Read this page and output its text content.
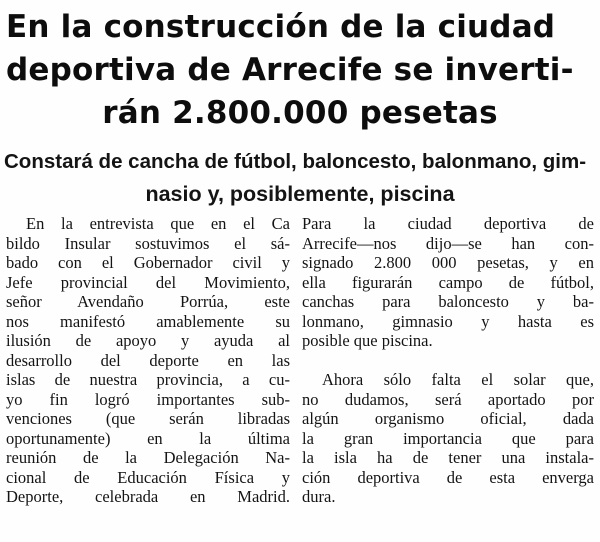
En la construcción de la ciudad
deportiva de Arrecife se inverti-
rán 2.800.000 pesetas
Constará de cancha de fútbol, baloncesto, balonmano, gim-
nasio y, posiblemente, piscina
En la entrevista que en el Ca
bildo Insular sostuvimos el sá-
bado con el Gobernador civil y
Jefe provincial del Movimiento,
señor Avendaño Porrúa, este
nos manifestó amablemente su
ilusión de apoyo y ayuda al
desarrollo del deporte en las
islas de nuestra provincia, a cu-
yo fin logró importantes sub-
venciones (que serán libradas
oportunamente) en la última
reunión de la Delegación Na-
cional de Educación Física y
Deporte, celebrada en Madrid.
Para la ciudad deportiva de
Arrecife—nos dijo—se han con-
signado 2.800 000 pesetas, y en
ella figurarán campo de fútbol,
canchas para baloncesto y ba-
lonmano, gimnasio y hasta es
posible que piscina.
Ahora sólo falta el solar que,
no dudamos, será aportado por
algún organismo oficial, dada
la gran importancia que para
la isla ha de tener una instala-
ción deportiva de esta enverga
dura.
